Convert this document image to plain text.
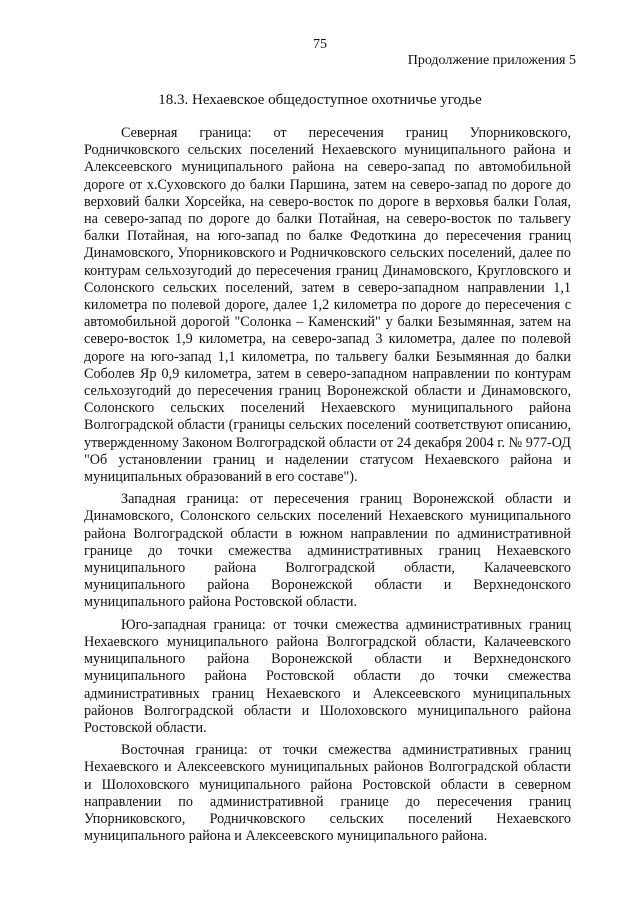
75
Продолжение приложения 5
18.3. Нехаевское общедоступное охотничье угодье

Северная граница: от пересечения границ Упорниковского, Родничковского сельских поселений Нехаевского муниципального района и Алексеевского муниципального района на северо-запад по автомобильной дороге от х.Суховского до балки Паршина, затем на северо-запад по дороге до верховий балки Хорсейка, на северо-восток по дороге в верховья балки Голая, на северо-запад по дороге до балки Потайная, на северо-восток по тальвегу балки Потайная, на юго-запад по балке Федоткина до пересечения границ Динамовского, Упорниковского и Родничковского сельских поселений, далее по контурам сельхозугодий до пересечения границ Динамовского, Кругловского и Солонского сельских поселений, затем в северо-западном направлении 1,1 километра по полевой дороге, далее 1,2 километра по дороге до пересечения с автомобильной дорогой "Солонка – Каменский" у балки Безымянная, затем на северо-восток 1,9 километра, на северо-запад 3 километра, далее по полевой дороге на юго-запад 1,1 километра, по тальвегу балки Безымянная до балки Соболев Яр 0,9 километра, затем в северо-западном направлении по контурам сельхозугодий до пересечения границ Воронежской области и Динамовского, Солонского сельских поселений Нехаевского муниципального района Волгоградской области (границы сельских поселений соответствуют описанию, утвержденному Законом Волгоградской области от 24 декабря 2004 г. № 977-ОД "Об установлении границ и наделении статусом Нехаевского района и муниципальных образований в его составе").

Западная граница: от пересечения границ Воронежской области и Динамовского, Солонского сельских поселений Нехаевского муниципального района Волгоградской области в южном направлении по административной границе до точки смежества административных границ Нехаевского муниципального района Волгоградской области, Калачеевского муниципального района Воронежской области и Верхнедонского муниципального района Ростовской области.

Юго-западная граница: от точки смежества административных границ Нехаевского муниципального района Волгоградской области, Калачеевского муниципального района Воронежской области и Верхнедонского муниципального района Ростовской области до точки смежества административных границ Нехаевского и Алексеевского муниципальных районов Волгоградской области и Шолоховского муниципального района Ростовской области.

Восточная граница: от точки смежества административных границ Нехаевского и Алексеевского муниципальных районов Волгоградской области и Шолоховского муниципального района Ростовской области в северном направлении по административной границе до пересечения границ Упорниковского, Родничковского сельских поселений Нехаевского муниципального района и Алексеевского муниципального района.
